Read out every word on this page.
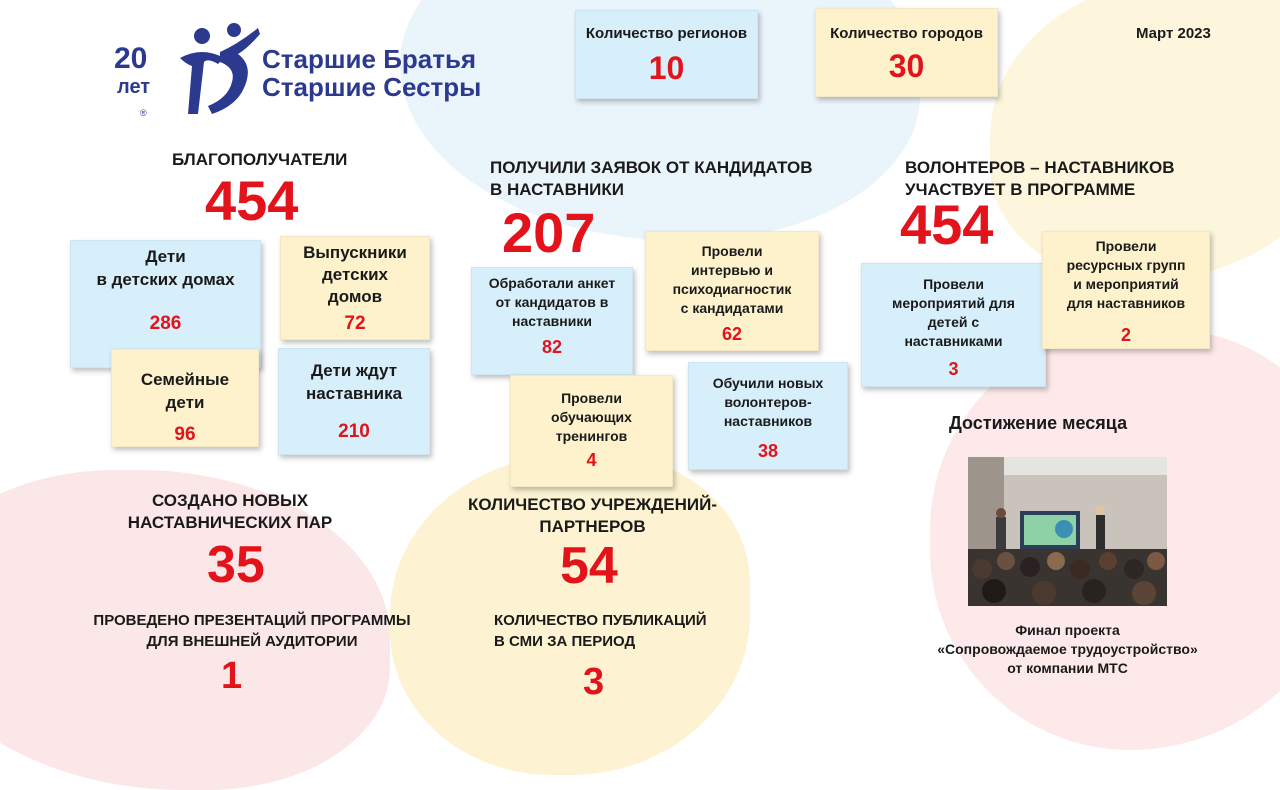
20
лет
Старшие Братья
Старшие Сестры
®
Март 2023
Количество регионов
10
Количество городов
30
БЛАГОПОЛУЧАТЕЛИ
454
Дети
в детских домах
286
Выпускники
детских
домов
72
Семейные
дети
96
Дети ждут
наставника
210
ПОЛУЧИЛИ ЗАЯВОК ОТ КАНДИДАТОВ
В НАСТАВНИКИ
207
Обработали анкет
от кандидатов в
наставники
82
Провели
интервью и
психодиагностик
с кандидатами
62
Провели
обучающих
тренингов
4
Обучили новых
волонтеров-
наставников
38
ВОЛОНТЕРОВ – НАСТАВНИКОВ
УЧАСТВУЕТ В ПРОГРАММЕ
454
Провели
мероприятий для
детей с
наставниками
3
Провели
ресурсных групп
и мероприятий
для наставников
2
СОЗДАНО НОВЫХ
НАСТАВНИЧЕСКИХ ПАР
35
КОЛИЧЕСТВО УЧРЕЖДЕНИЙ-
ПАРТНЕРОВ
54
ПРОВЕДЕНО ПРЕЗЕНТАЦИЙ ПРОГРАММЫ
ДЛЯ ВНЕШНЕЙ АУДИТОРИИ
1
КОЛИЧЕСТВО ПУБЛИКАЦИЙ
В СМИ ЗА ПЕРИОД
3
Достижение месяца
Финал проекта
«Сопровождаемое трудоустройство»
от компании МТС
